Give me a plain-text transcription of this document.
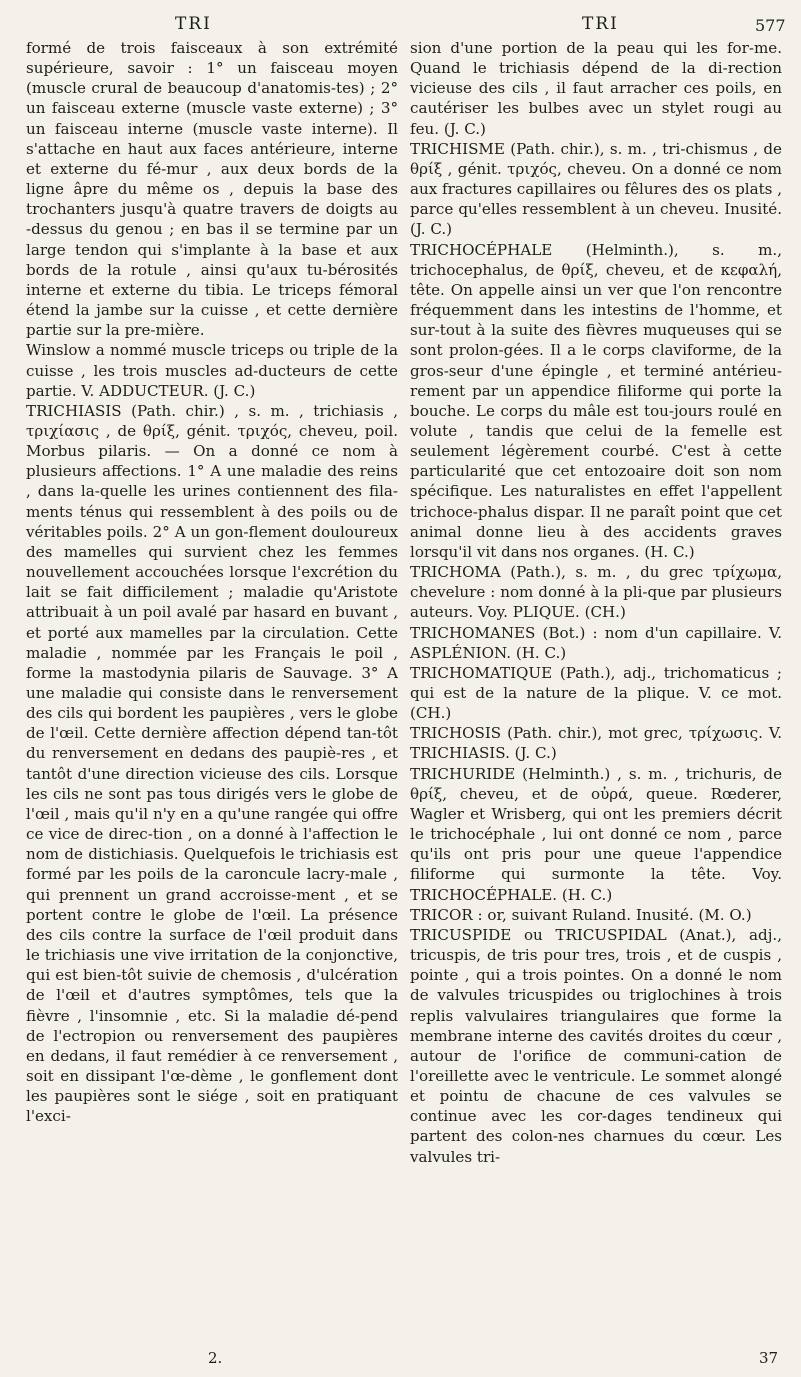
TRI	TRI	577
formé de trois faisceaux à son extrémité supérieure, savoir : 1° un faisceau moyen (muscle crural de beaucoup d'anatomis-tes) ; 2° un faisceau externe (muscle vaste externe) ; 3° un faisceau interne (muscle vaste interne). Il s'attache en haut aux faces antérieure, interne et externe du fé-mur , aux deux bords de la ligne âpre du même os , depuis la base des trochanters jusqu'à quatre travers de doigts au -dessus du genou ; en bas il se termine par un large tendon qui s'implante à la base et aux bords de la rotule , ainsi qu'aux tu-bérosités interne et externe du tibia. Le triceps fémoral étend la jambe sur la cuisse , et cette dernière partie sur la pre-mière.
Winslow a nommé muscle triceps ou triple de la cuisse , les trois muscles ad-ducteurs de cette partie. V. ADDUCTEUR. (J. C.)
TRICHIASIS (Path. chir.) , s. m. , trichiasis , τριχίασις , de θρίξ, génit. τριχός, cheveu, poil. Morbus pilaris. — On a donné ce nom à plusieurs affections. 1° A une maladie des reins , dans la-quelle les urines contiennent des fila-ments ténus qui ressemblent à des poils ou de véritables poils. 2° A un gon-flement douloureux des mamelles qui survient chez les femmes nouvellement accouchées lorsque l'excrétion du lait se fait difficilement ; maladie qu'Aristote attribuait à un poil avalé par hasard en buvant , et porté aux mamelles par la circulation. Cette maladie , nommée par les Français le poil , forme la mastodynia pilaris de Sauvage. 3° A une maladie qui consiste dans le renversement des cils qui bordent les paupières , vers le globe de l'œil. Cette dernière affection dépend tan-tôt du renversement en dedans des paupiè-res , et tantôt d'une direction vicieuse des cils. Lorsque les cils ne sont pas tous dirigés vers le globe de l'œil , mais qu'il n'y en a qu'une rangée qui offre ce vice de direc-tion , on a donné à l'affection le nom de distichiasis. Quelquefois le trichiasis est formé par les poils de la caroncule lacry-male , qui prennent un grand accroisse-ment , et se portent contre le globe de l'œil. La présence des cils contre la surface de l'œil produit dans le trichiasis une vive irritation de la conjonctive, qui est bien-tôt suivie de chemosis , d'ulcération de l'œil et d'autres symptômes, tels que la fièvre , l'insomnie , etc. Si la maladie dé-pend de l'ectropion ou renversement des paupières en dedans, il faut remédier à ce renversement , soit en dissipant l'œ-dème , le gonflement dont les paupières sont le siége , soit en pratiquant l'exci-
sion d'une portion de la peau qui les for-me. Quand le trichiasis dépend de la di-rection vicieuse des cils , il faut arracher ces poils, en cautériser les bulbes avec un stylet rougi au feu. (J. C.)
TRICHISME (Path. chir.), s. m. , tri-chismus , de θρίξ , génit. τριχός, cheveu. On a donné ce nom aux fractures capillaires ou fêlures des os plats , parce qu'elles ressemblent à un cheveu. Inusité. (J. C.)
TRICHOCÉPHALE (Helminth.), s. m., trichocephalus, de θρίξ, cheveu, et de κεφαλή, tête. On appelle ainsi un ver que l'on rencontre fréquemment dans les intestins de l'homme, et sur-tout à la suite des fièvres muqueuses qui se sont prolon-gées. Il a le corps claviforme, de la gros-seur d'une épingle , et terminé antérieu-rement par un appendice filiforme qui porte la bouche. Le corps du mâle est tou-jours roulé en volute , tandis que celui de la femelle est seulement légèrement courbé. C'est à cette particularité que cet entozoaire doit son nom spécifique. Les naturalistes en effet l'appellent trichoce-phalus dispar. Il ne paraît point que cet animal donne lieu à des accidents graves lorsqu'il vit dans nos organes. (H. C.)
TRICHOMA (Path.), s. m. , du grec τρίχωμα, chevelure : nom donné à la pli-que par plusieurs auteurs. Voy. PLIQUE. (CH.)
TRICHOMANES (Bot.) : nom d'un capillaire. V. ASPLÉNION. (H. C.)
TRICHOMATIQUE (Path.), adj., trichomaticus ; qui est de la nature de la plique. V. ce mot. (CH.)
TRICHOSIS (Path. chir.), mot grec, τρίχωσις. V. TRICHIASIS. (J. C.)
TRICHURIDE (Helminth.) , s. m. , trichuris, de θρίξ, cheveu, et de οὐρά, queue. Rœderer, Wagler et Wrisberg, qui ont les premiers décrit le trichocéphale , lui ont donné ce nom , parce qu'ils ont pris pour une queue l'appendice filiforme qui surmonte la tête. Voy. TRICHOCÉPHALE. (H. C.)
TRICOR : or, suivant Ruland. Inusité. (M. O.)
TRICUSPIDE ou TRICUSPIDAL (Anat.), adj., tricuspis, de tris pour tres, trois , et de cuspis , pointe , qui a trois pointes. On a donné le nom de valvules tricuspides ou triglochines à trois replis valvulaires triangulaires que forme la membrane interne des cavités droites du cœur , autour de l'orifice de communi-cation de l'oreillette avec le ventricule. Le sommet alongé et pointu de chacune de ces valvules se continue avec les cor-dages tendineux qui partent des colon-nes charnues du cœur. Les valvules tri-
2.	37
